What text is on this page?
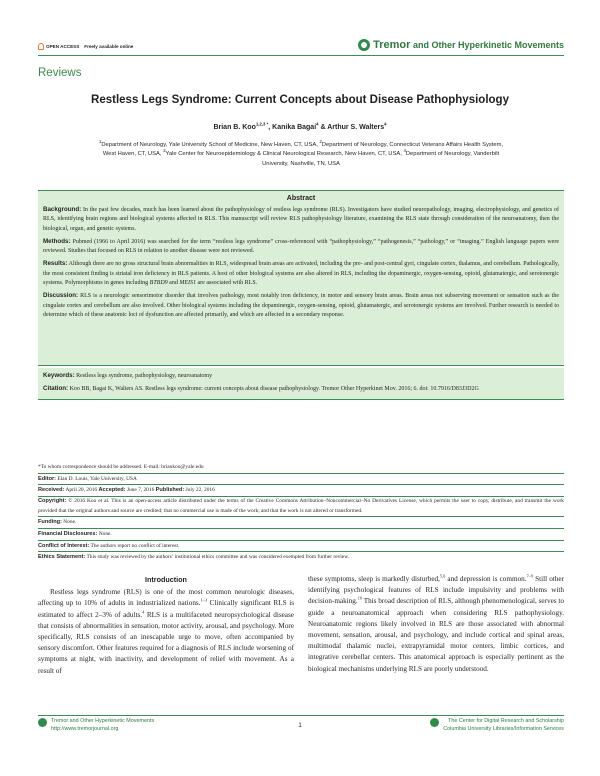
OPEN ACCESS Freely available online	Tremor and Other Hyperkinetic Movements
Reviews
Restless Legs Syndrome: Current Concepts about Disease Pathophysiology
Brian B. Koo$^{1,2,3 *}$, Kanika Bagai$^4$ & Arthur S. Walters$^4$
$^1$Department of Neurology, Yale University School of Medicine, New Haven, CT, USA, $^2$Department of Neurology, Connecticut Veterans Affairs Health System,
West Haven, CT, USA, $^3$Yale Center for Neuroepidemiology & Clinical Neurological Research, New Haven, CT, USA, $^4$Department of Neurology, Vanderbilt
University, Nashville, TN, USA
Abstract

Background: In the past few decades, much has been learned about the pathophysiology of restless legs syndrome (RLS). Investigators have studied neuropathology, imaging, electrophysiology, and genetics of RLS, identifying brain regions and biological systems affected in RLS. This manuscript will review RLS pathophysiology literature, examining the RLS state through consideration of the neuroanatomy, then the biological, organ, and genetic systems.

Methods: Pubmed (1966 to April 2016) was searched for the term “restless legs syndrome” cross-referenced with “pathophysiology,” “pathogenesis,” “pathology,” or “imaging.” English language papers were reviewed. Studies that focused on RLS in relation to another disease were not reviewed.

Results: Although there are no gross structural brain abnormalities in RLS, widespread brain areas are activated, including the pre- and post-central gyri, cingulate cortex, thalamus, and cerebellum. Pathologically, the most consistent finding is striatal iron deficiency in RLS patients. A host of other biological systems are also altered in RLS, including the dopaminergic, oxygen-sensing, opioid, glutamatergic, and serotonergic systems. Polymorphisms in genes including BTBD9 and MEIS1 are associated with RLS.

Discussion: RLS is a neurologic sensorimotor disorder that involves pathology, most notably iron deficiency, in motor and sensory brain areas. Brain areas not subserving movement or sensation such as the cingulate cortex and cerebellum are also involved. Other biological systems including the dopaminergic, oxygen-sensing, opioid, glutamatergic, and serotonergic systems are involved. Further research is needed to determine which of these anatomic loci of dysfunction are affected primarily, and which are affected in a secondary response.

Keywords: Restless legs syndrome, pathophysiology, neuroanatomy

Citation: Koo BB, Bagai K, Walters AS. Restless legs syndrome: current concepts about disease pathophysiology. Tremor Other Hyperkinet Mov. 2016; 6. doi: 10.7916/D83J3D2G

*To whom correspondence should be addressed. E-mail: briankoo@yale.edu
Editor: Elan D. Louis, Yale University, USA
Received: April 20, 2016 Accepted: June 7, 2016 Published: July 22, 2016
Copyright: © 2016 Koo et al. This is an open-access article distributed under the terms of the Creative Commons Attribution–Noncommercial–No Derivatives License, which permits the user to copy, distribute, and transmit the work provided that the original authors and source are credited; that no commercial use is made of the work; and that the work is not altered or transformed.
Funding: None.
Financial Disclosures: None.
Conflict of Interest: The authors report no conflict of interest.
Ethics Statement: This study was reviewed by the authors’ institutional ethics committee and was considered exempted from further review.
Introduction

Restless legs syndrome (RLS) is one of the most common neurologic diseases, affecting up to 10% of adults in industrialized nations.$^{1-3}$ Clinically significant RLS is estimated to affect 2–3% of adults.$^4$ RLS is a multifaceted neuropsychological disease that consists of abnormalities in sensation, motor activity, arousal, and psychology. More specifically, RLS consists of an inescapable urge to move, often accompanied by sensory discomfort. Other features required for a diagnosis of RLS include worsening of symptoms at night, with inactivity, and development of relief with movement. As a result of

these symptoms, sleep is markedly disturbed,$^{5,6}$ and depression is common.$^{7-9}$ Still other identifying psychological features of RLS include impulsivity and problems with decision-making.$^{10}$ This broad description of RLS, although phenomenological, serves to guide a neuroanatomical approach when considering RLS pathophysiology. Neuroanatomic regions likely involved in RLS are those associated with abnormal movement, sensation, arousal, and psychology, and include cortical and spinal areas, multimodal thalamic nuclei, extrapyramidal motor centers, limbic cortices, and integrative cerebellar centers. This anatomical approach is especially pertinent as the biological mechanisms underlying RLS are poorly understood.

Tremor and Other Hyperkinetic Movements
http://www.tremorjournal.org	1
The Center for Digital Research and Scholarship
Columbia University Libraries/Information Services
